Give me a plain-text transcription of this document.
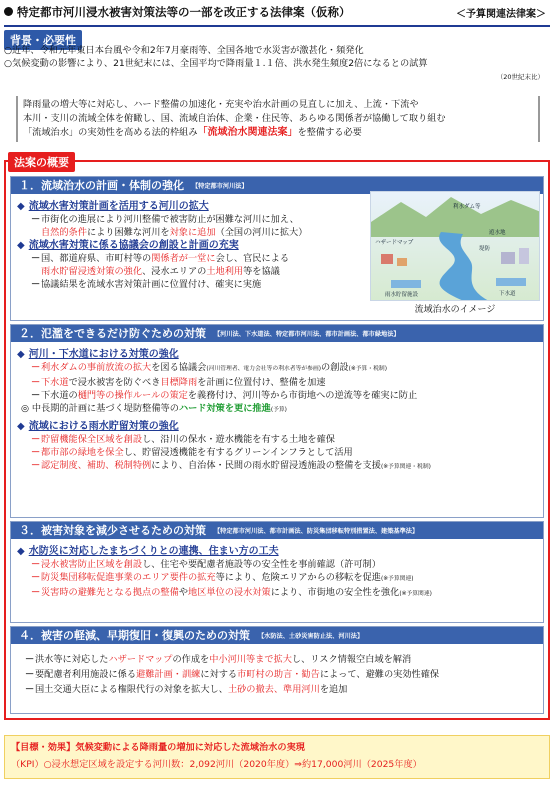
特定都市河川浸水被害対策法等の一部を改正する法律案（仮称）	＜予算関連法律案＞
背景・必要性
○近年、令和元年東日本台風や令和2年7月豪雨等、全国各地で水災害が激甚化・頻発化
○気候変動の影響により、21世紀末には、全国平均で降雨量１.１倍、洪水発生頻度2倍になるとの試算
（20世紀末比）
降雨量の増大等に対応し、ハード整備の加速化・充実や治水計画の見直しに加え、上流・下流や
本川・支川の流域全体を俯瞰し、国、流域自治体、企業・住民等、あらゆる関係者が協働して取り組む
「流域治水」の実効性を高める法的枠組み「流域治水関連法案」を整備する必要
法案の概要
１．流域治水の計画・体制の強化 【特定都市河川法】
◆ 流域水害対策計画を活用する河川の拡大
－市街化の進展により河川整備で被害防止が困難な河川に加え、
自然的条件により困難な河川を対象に追加（全国の河川に拡大）
◆ 流域水害対策に係る協議会の創設と計画の充実
－国、都道府県、市町村等の関係者が一堂に会し、官民による
雨水貯留浸透対策の強化、浸水エリアの土地利用等を協議
－協議結果を流域水害対策計画に位置付け、確実に実施
利水ダム等
ハザードマップ
堤防
遊水地
雨水貯留施設	下水道
流域治水のイメージ
２．氾濫をできるだけ防ぐための対策 【河川法、下水道法、特定都市河川法、都市計画法、都市緑地法】
◆ 河川・下水道における対策の強化
－利水ダムの事前放流の拡大を図る協議会(河川管理者、電力会社等の利水者等が参画)の創設(※予算・税制)
－下水道で浸水被害を防ぐべき目標降雨を計画に位置付け、整備を加速
－下水道の樋門等の操作ルールの策定を義務付け、河川等から市街地への逆流等を確実に防止
◎ 中長期的計画に基づく堤防整備等のハード対策を更に推進(予算)
◆ 流域における雨水貯留対策の強化
－貯留機能保全区域を創設し、沿川の保水・遊水機能を有する土地を確保
－都市部の緑地を保全し、貯留浸透機能を有するグリーンインフラとして活用
－認定制度、補助、税制特例により、自治体・民間の雨水貯留浸透施設の整備を支援(※予算関連・税制)
３．被害対象を減少させるための対策 【特定都市河川法、都市計画法、防災集団移転特別措置法、建築基準法】
◆ 水防災に対応したまちづくりとの連携、住まい方の工夫
－浸水被害防止区域を創設し、住宅や要配慮者施設等の安全性を事前確認（許可制）
－防災集団移転促進事業のエリア要件の拡充等により、危険エリアからの移転を促進(※予算関連)
－災害時の避難先となる拠点の整備や地区単位の浸水対策により、市街地の安全性を強化(※予算関連)
４．被害の軽減、早期復旧・復興のための対策 【水防法、土砂災害防止法、河川法】
－洪水等に対応したハザードマップの作成を中小河川等まで拡大し、リスク情報空白域を解消
－要配慮者利用施設に係る避難計画・訓練に対する市町村の助言・勧告によって、避難の実効性確保
－国土交通大臣による権限代行の対象を拡大し、土砂の撤去、準用河川を追加
【目標・効果】気候変動による降雨量の増加に対応した流域治水の実現
（KPI）○浸水想定区域を設定する河川数：2,092河川（2020年度）⇒約17,000河川（2025年度）
